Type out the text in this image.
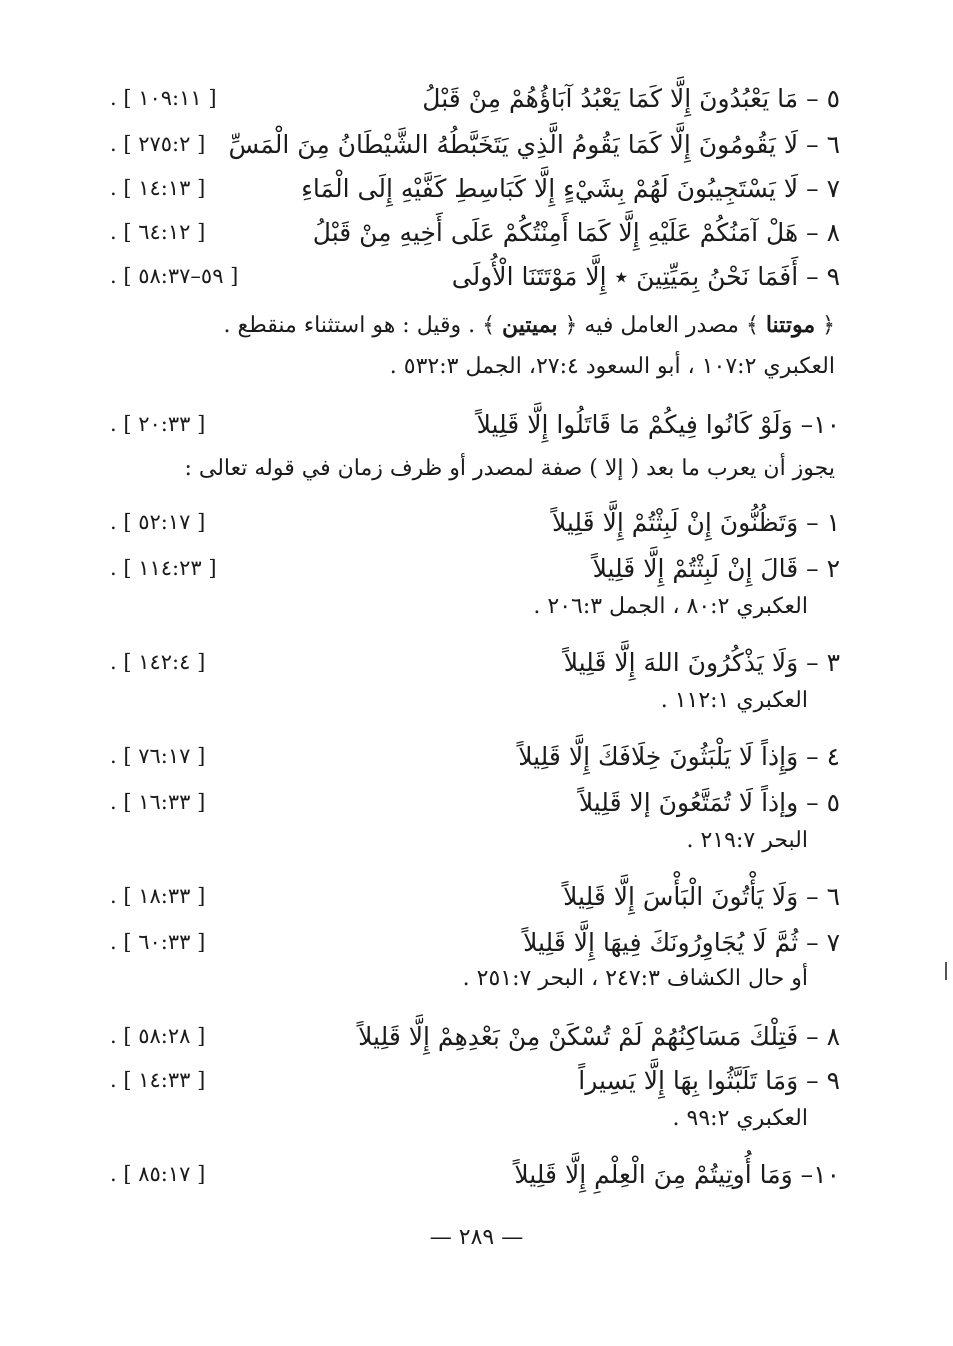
٥ – مَا يَعْبُدُونَ إِلَّا كَمَا يَعْبُدُ آبَاؤُهُمْ مِنْ قَبْلُ
. [ ١٠٩:١١ ]
٦ – لَا يَقُومُونَ إِلَّا كَمَا يَقُومُ الَّذِي يَتَخَبَّطُهُ الشَّيْطَانُ مِنَ الْمَسِّ
. [ ٢٧٥:٢ ]
٧ – لَا يَسْتَجِيبُونَ لَهُمْ بِشَيْءٍ إِلَّا كَبَاسِطِ كَفَّيْهِ إِلَى الْمَاءِ
. [ ١٤:١٣ ]
٨ – هَلْ آمَنُكُمْ عَلَيْهِ إِلَّا كَمَا أَمِنْتُكُمْ عَلَى أَخِيهِ مِنْ قَبْلُ
. [ ٦٤:١٢ ]
٩ – أَفَمَا نَحْنُ بِمَيِّتِينَ ٭ إِلَّا مَوْتَتَنَا الْأُولَى
. [ ٥٩–٥٨:٣٧ ]
١٠– وَلَوْ كَانُوا فِيكُمْ مَا قَاتَلُوا إِلَّا قَلِيلاً
. [ ٢٠:٣٣ ]
١ – وَتَظُنُّونَ إِنْ لَبِثْتُمْ إِلَّا قَلِيلاً
. [ ٥٢:١٧ ]
٢ – قَالَ إِنْ لَبِثْتُمْ إِلَّا قَلِيلاً
. [ ١١٤:٢٣ ]
٣ – وَلَا يَذْكُرُونَ اللهَ إِلَّا قَلِيلاً
. [ ١٤٢:٤ ]
٤ – وَإِذاً لَا يَلْبَثُونَ خِلَافَكَ إِلَّا قَلِيلاً
. [ ٧٦:١٧ ]
٥ – وإذاً لَا تُمَتَّعُونَ إلا قَلِيلاً
. [ ١٦:٣٣ ]
٦ – وَلَا يَأْتُونَ الْبَأْسَ إِلَّا قَلِيلاً
. [ ١٨:٣٣ ]
٧ – ثُمَّ لَا يُجَاوِرُونَكَ فِيهَا إِلَّا قَلِيلاً
. [ ٦٠:٣٣ ]
٨ – فَتِلْكَ مَسَاكِنُهُمْ لَمْ تُسْكَنْ مِنْ بَعْدِهِمْ إِلَّا قَلِيلاً
. [ ٥٨:٢٨ ]
٩ – وَمَا تَلَبَّثُوا بِهَا إِلَّا يَسِيراً
. [ ١٤:٣٣ ]
١٠– وَمَا أُوتِيتُمْ مِنَ الْعِلْمِ إِلَّا قَلِيلاً
. [ ٨٥:١٧ ]
﴿ موتتنا ﴾ مصدر العامل فيه ﴿ بميتين ﴾ . وقيل : هو استثناء منقطع .
العكبري ١٠٧:٢ ، أبو السعود ٢٧:٤، الجمل ٥٣٢:٣ .
يجوز أن يعرب ما بعد ( إلا ) صفة لمصدر أو ظرف زمان في قوله تعالى :
العكبري ٨٠:٢ ، الجمل ٢٠٦:٣ .
العكبري ١١٢:١ .
البحر ٢١٩:٧ .
أو حال الكشاف ٢٤٧:٣ ، البحر ٢٥١:٧ .
العكبري ٩٩:٢ .
— ٢٨٩ —
